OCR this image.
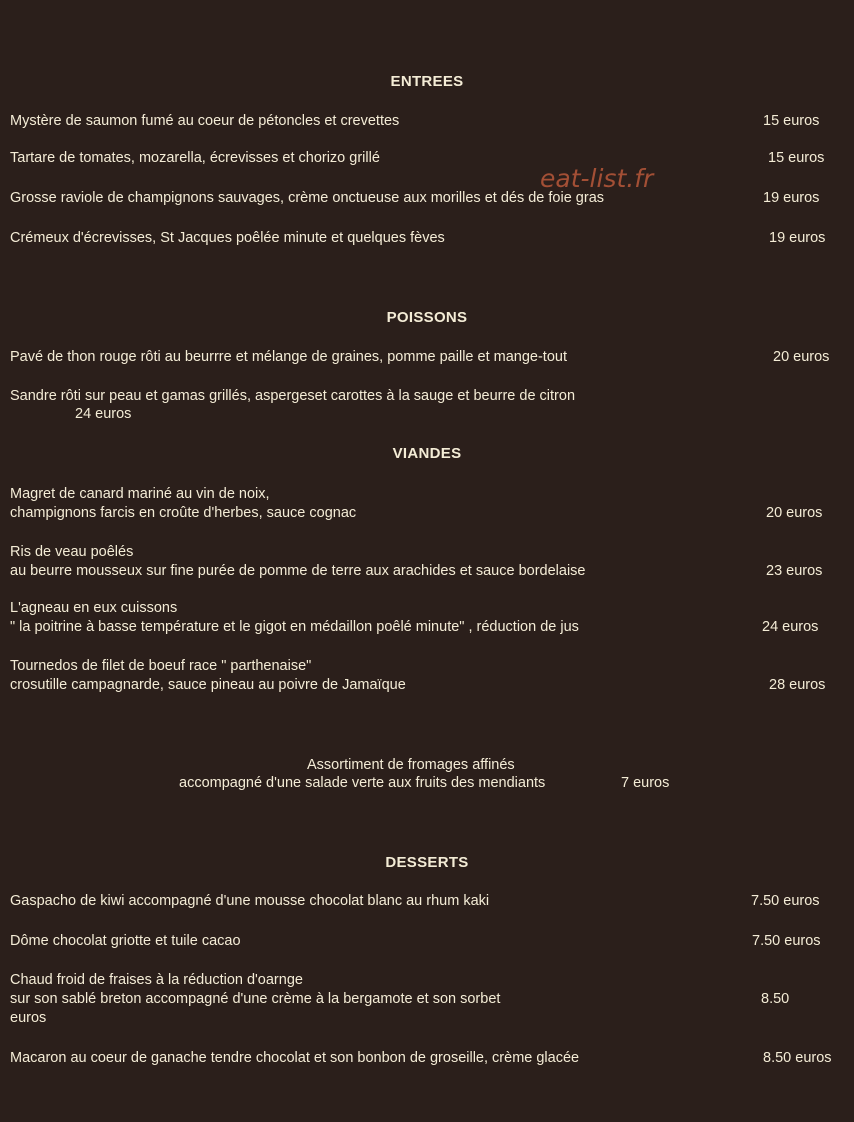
eat-list.fr
ENTREES
Mystère de saumon fumé au coeur de pétoncles et crevettes	15 euros
Tartare de tomates, mozarella, écrevisses et chorizo grillé	15 euros
Grosse raviole de champignons sauvages, crème onctueuse aux morilles et dés de foie gras	19 euros
Crémeux d'écrevisses, St Jacques poêlée minute et quelques fèves	19 euros
POISSONS
Pavé de thon rouge rôti au beurrre et mélange de graines, pomme paille et mange-tout	20 euros
Sandre rôti sur peau et gamas grillés, aspergeset carottes à la sauge et beurre de citron
24 euros
VIANDES
Magret de canard mariné au vin de noix,
champignons farcis en croûte d'herbes, sauce cognac	20 euros
Ris de veau poêlés
au beurre mousseux sur fine purée de pomme de terre aux arachides et sauce bordelaise	23 euros
L'agneau en eux cuissons
" la poitrine à basse température et le gigot en médaillon poêlé minute" , réduction de jus	24 euros
Tournedos de filet de boeuf race " parthenaise"
crosutille campagnarde, sauce pineau au poivre de Jamaïque	28 euros
Assortiment de fromages affinés
accompagné d'une salade verte aux fruits des mendiants	7 euros
DESSERTS
Gaspacho de kiwi accompagné d'une mousse chocolat blanc au rhum kaki	7.50 euros
Dôme chocolat griotte et tuile cacao	7.50 euros
Chaud froid de fraises à la réduction d'oarnge
sur son sablé breton accompagné d'une crème à la bergamote et son sorbet	8.50
euros
Macaron au coeur de ganache tendre chocolat et son bonbon de groseille, crème glacée	8.50 euros
